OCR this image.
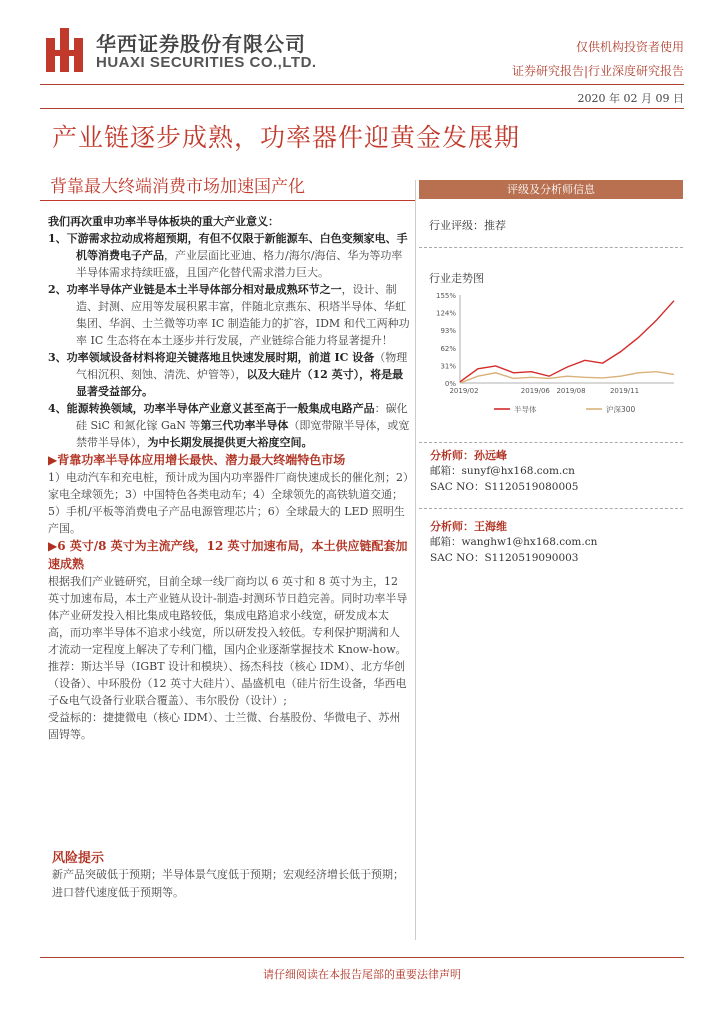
华西证券股份有限公司
HUAXI SECURITIES CO.,LTD.
仅供机构投资者使用
证券研究报告|行业深度研究报告
2020 年 02 月 09 日
产业链逐步成熟，功率器件迎黄金发展期
背靠最大终端消费市场加速国产化

我们再次重申功率半导体板块的重大产业意义：

1、下游需求拉动成将超预期，有但不仅限于新能源车、白色变频家电、手机等消费电子产品，产业层面比亚迪、格力/海尔/海信、华为等功率半导体需求持续旺盛，且国产化替代需求潜力巨大。

2、功率半导体产业链是本土半导体部分相对最成熟环节之一，设计、制造、封测、应用等发展积累丰富，伴随北京燕东、积塔半导体、华虹集团、华润、士兰微等功率 IC 制造能力的扩容，IDM 和代工两种功率 IC 生态将在本土逐步并行发展，产业链综合能力将显著提升！

3、功率领域设备材料将迎关键落地且快速发展时期，前道 IC 设备（物理气相沉积、刻蚀、清洗、炉管等），以及大硅片（12 英寸），将是最显著受益部分。

4、能源转换领域，功率半导体产业意义甚至高于一般集成电路产品：碳化硅 SiC 和氮化镓 GaN 等第三代功率半导体（即宽带隙半导体，或宽禁带半导体），为中长期发展提供更大裕度空间。

▶背靠功率半导体应用增长最快、潜力最大终端特色市场

1）电动汽车和充电桩，预计成为国内功率器件厂商快速成长的催化剂；2）家电全球领先；3）中国特色各类电动车；4）全球领先的高铁轨道交通；5）手机/平板等消费电子产品电源管理芯片；6）全球最大的 LED 照明生产国。

▶6 英寸/8 英寸为主流产线，12 英寸加速布局，本土供应链配套加速成熟

根据我们产业链研究，目前全球一线厂商均以 6 英寸和 8 英寸为主，12 英寸加速布局，本土产业链从设计-制造-封测环节日趋完善。同时功率半导体产业研发投入相比集成电路较低，集成电路追求小线宽，研发成本太高，而功率半导体不追求小线宽，所以研发投入较低。专利保护期满和人才流动一定程度上解决了专利门槛，国内企业逐渐掌握技术 Know-how。

推荐：斯达半导（IGBT 设计和模块）、扬杰科技（核心 IDM）、北方华创（设备）、中环股份（12 英寸大硅片）、晶盛机电（硅片衍生设备，华西电子&电气设备行业联合覆盖）、韦尔股份（设计）;

受益标的：捷捷微电（核心 IDM）、士兰微、台基股份、华微电子、苏州固锝等。

风险提示
新产品突破低于预期；半导体景气度低于预期；宏观经济增长低于预期；进口替代速度低于预期等。
评级及分析师信息
行业评级：推荐
行业走势图
0%
31%
62%
93%
124%
155%
2019/02	2019/06 2019/08	2019/11
半导体	沪深300
分析师：孙远峰
邮箱：sunyf@hx168.com.cn
SAC NO：S1120519080005
分析师：王海维
邮箱：wanghw1@hx168.com.cn
SAC NO：S1120519090003
请仔细阅读在本报告尾部的重要法律声明
